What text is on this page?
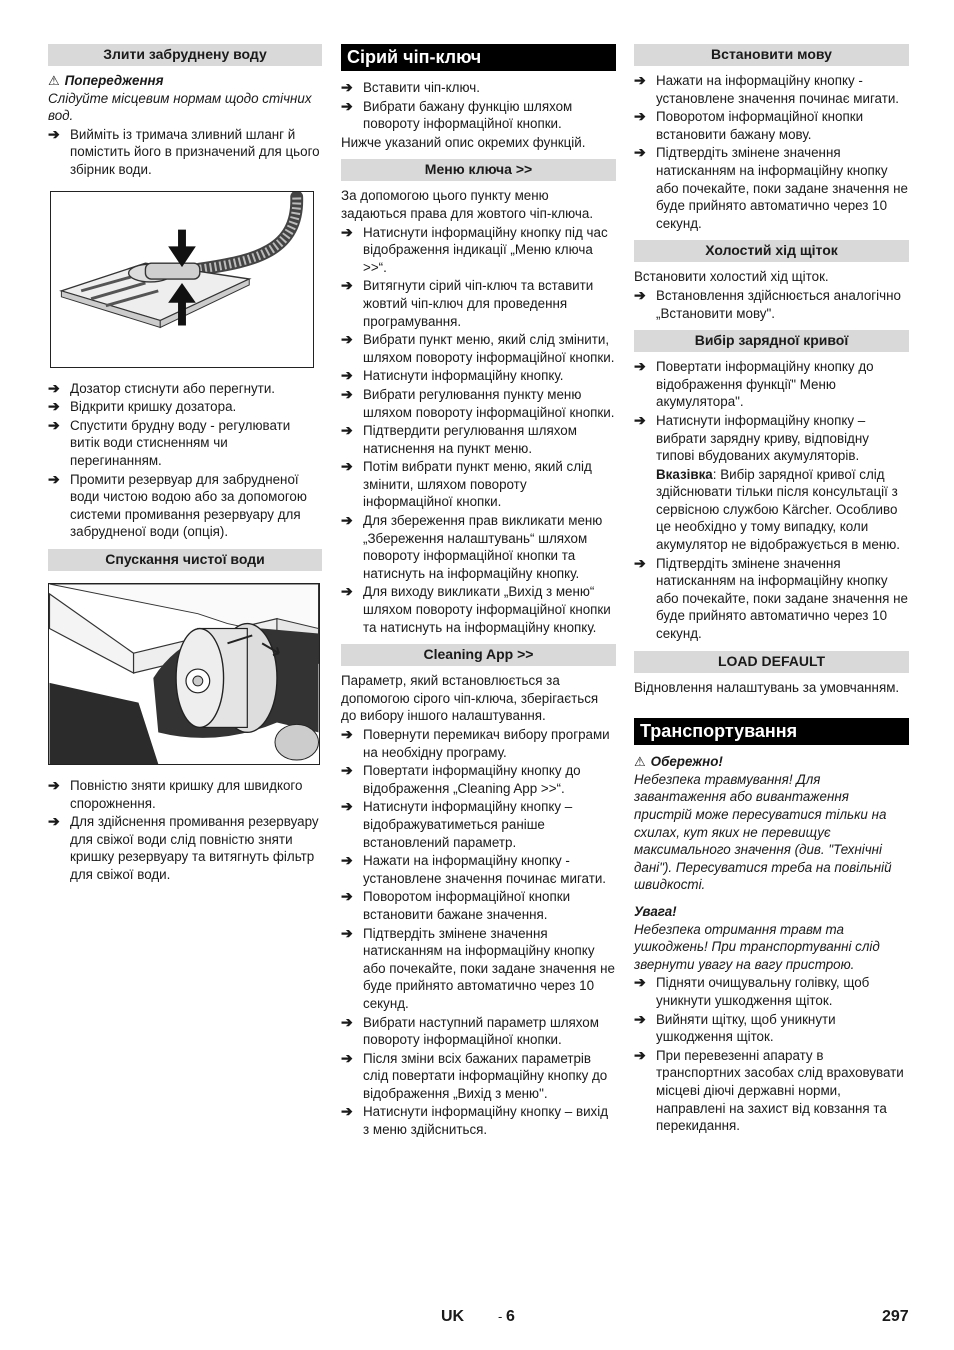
Злити забруднену воду
⚠ Попередження
Слідуйте місцевим нормам щодо стічних вод.
➔ Вийміть із тримача зливний шланг й помістить його в призначений для цього збірник води.
➔ Дозатор стиснути або перегнути.
➔ Відкрити кришку дозатора.
➔ Спустити брудну воду - регулювати витік води стисненням чи перегинанням.
➔ Промити резервуар для забрудненої води чистою водою або за допомогою системи промивання резервуару для забрудненої води (опція).
Спускання чистої води
➔ Повністю зняти кришку для швидкого спорожнення.
➔ Для здійснення промивання резервуару для свіжої води слід повністю зняти кришку резервуару та витягнуть фільтр для свіжої води.
Сірий чіп-ключ
➔ Вставити чіп-ключ.
➔ Вибрати бажану функцію шляхом повороту інформаційної кнопки.
Нижче указаний опис окремих функцій.
Меню ключа >>
За допомогою цього пункту меню задаються права для жовтого чіп-ключа.
➔ Натиснути інформаційну кнопку під час відображення індикації „Меню ключа >>“.
➔ Витягнути сірий чіп-ключ та вставити жовтий чіп-ключ для проведення програмування.
➔ Вибрати пункт меню, який слід змінити, шляхом повороту інформаційної кнопки.
➔ Натиснути інформаційну кнопку.
➔ Вибрати регулювання пункту меню шляхом повороту інформаційної кнопки.
➔ Підтвердити регулювання шляхом натиснення на пункт меню.
➔ Потім вибрати пункт меню, який слід змінити, шляхом повороту інформаційної кнопки.
➔ Для збереження прав викликати меню „Збереження налаштувань“ шляхом повороту інформаційної кнопки та натиснуть на інформаційну кнопку.
➔ Для виходу викликати „Вихід з меню“ шляхом повороту інформаційної кнопки та натиснуть на інформаційну кнопку.
Cleaning App >>
Параметр, який встановлюється за допомогою сірого чіп-ключа, зберігається до вибору іншого налаштування.
➔ Повернути перемикач вибору програми на необхідну програму.
➔ Повертати інформаційну кнопку до відображення „Cleaning App >>“.
➔ Натиснути інформаційну кнопку – відображуватиметься раніше встановлений параметр.
➔ Нажати на інформаційну кнопку - установлене значення починає мигати.
➔ Поворотом інформаційної кнопки встановити бажане значення.
➔ Підтвердіть змінене значення натисканням на інформаційну кнопку або почекайте, поки задане значення не буде прийнято автоматично через 10 секунд.
➔ Вибрати наступний параметр шляхом повороту інформаційної кнопки.
➔ Після зміни всіх бажаних параметрів слід повертати інформаційну кнопку до відображення „Вихід з меню".
➔ Натиснути інформаційну кнопку – вихід з меню здійсниться.
Встановити мову
➔ Нажати на інформаційну кнопку - установлене значення починає мигати.
➔ Поворотом інформаційної кнопки встановити бажану мову.
➔ Підтвердіть змінене значення натисканням на інформаційну кнопку або почекайте, поки задане значення не буде прийнято автоматично через 10 секунд.
Холостий хід щіток
Встановити холостий хід щіток.
➔ Встановлення здійснюється аналогічно „Встановити мову".
Вибір зарядної кривої
➔ Повертати інформаційну кнопку до відображення функції" Меню акумулятора".
➔ Натиснути інформаційну кнопку – вибрати зарядну криву, відповідну типові вбудованих акумуляторів.
Вказівка: Вибір зарядної кривої слід здійснювати тільки після консультації з сервісною службою Kärcher. Особливо це необхідно у тому випадку, коли акумулятор не відображується в меню.
➔ Підтвердіть змінене значення натисканням на інформаційну кнопку або почекайте, поки задане значення не буде прийнято автоматично через 10 секунд.
LOAD DEFAULT
Відновлення налаштувань за умовчанням.
Транспортування
⚠ Обережно!
Небезпека травмування! Для завантаження або вивантаження пристрій може пересуватися тільки на схилах, кут яких не перевищує максимального значення (див. "Технічні дані"). Пересуватися треба на повільній швидкості.
Увага!
Небезпека отримання травм та ушкоджень! При транспортуванні слід звернути увагу на вагу пристрою.
➔ Підняти очищувальну голівку, щоб уникнути ушкодження щіток.
➔ Вийняти щітку, щоб уникнути ушкодження щіток.
➔ При перевезенні апарату в транспортних засобах слід враховувати місцеві діючі державні норми, направлені на захист від ковзання та перекидання.
UK	- 6	297
